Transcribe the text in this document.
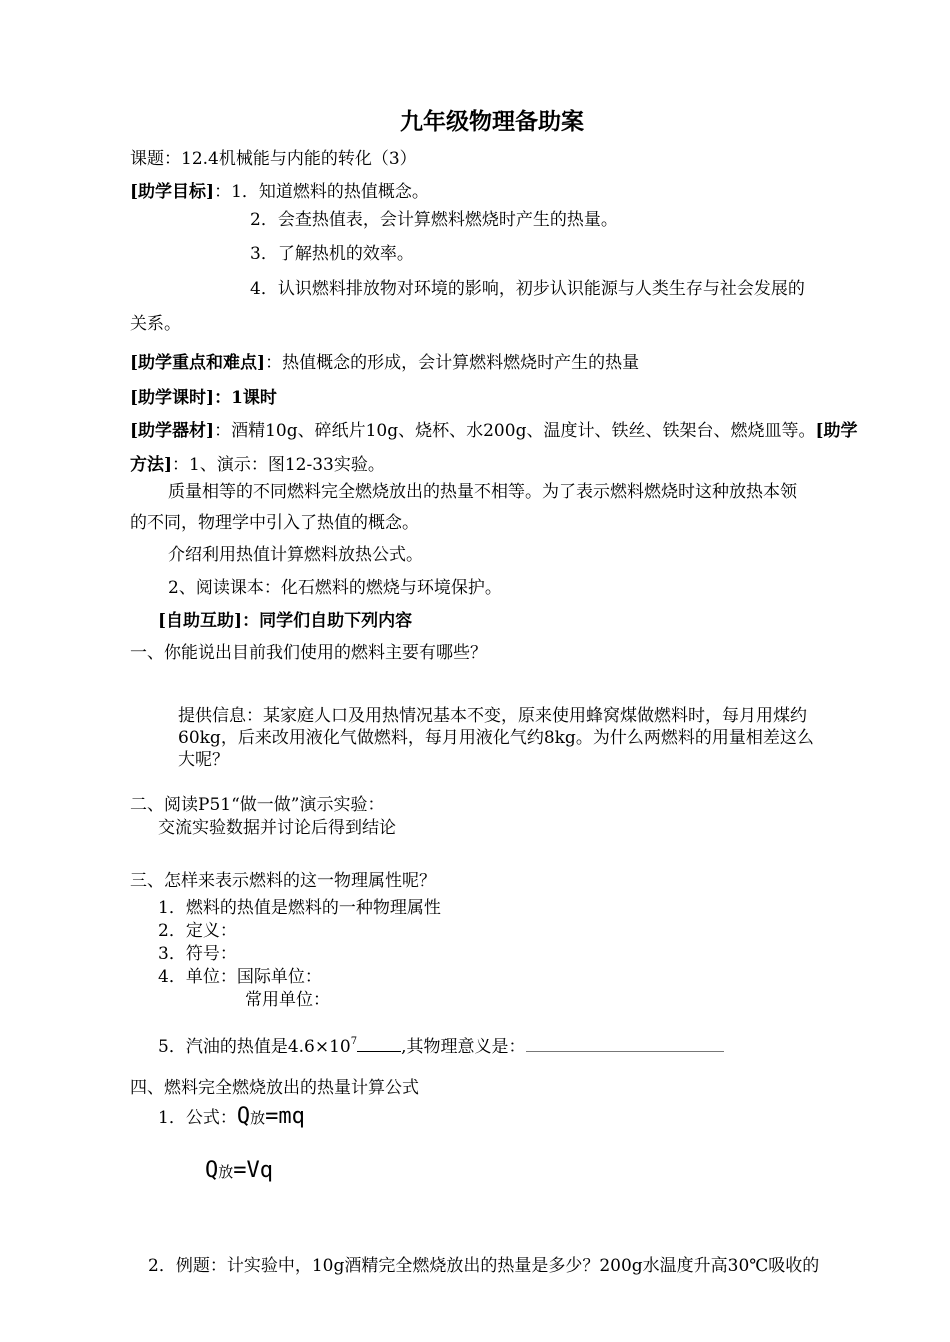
九年级物理备助案
课题：12.4机械能与内能的转化（3）
[助学目标]：1．知道燃料的热值概念。
2．会查热值表，会计算燃料燃烧时产生的热量。
3．了解热机的效率。
4．认识燃料排放物对环境的影响，初步认识能源与人类生存与社会发展的
关系。
[助学重点和难点]：热值概念的形成，会计算燃料燃烧时产生的热量
[助学课时]：1课时
[助学器材]：酒精10g、碎纸片10g、烧杯、水200g、温度计、铁丝、铁架台、燃烧皿等。[助学
方法]：1、演示：图12-33实验。
质量相等的不同燃料完全燃烧放出的热量不相等。为了表示燃料燃烧时这种放热本领
的不同，物理学中引入了热值的概念。
介绍利用热值计算燃料放热公式。
2、阅读课本：化石燃料的燃烧与环境保护。
[自助互助]：同学们自助下列内容
一、你能说出目前我们使用的燃料主要有哪些？
提供信息：某家庭人口及用热情况基本不变，原来使用蜂窝煤做燃料时，每月用煤约
60kg，后来改用液化气做燃料，每月用液化气约8kg。为什么两燃料的用量相差这么
大呢？
二、阅读P51“做一做”演示实验：
交流实验数据并讨论后得到结论
三、怎样来表示燃料的这一物理属性呢？
1．燃料的热值是燃料的一种物理属性
2．定义：
3．符号：
4．单位：国际单位：
常用单位：
5．汽油的热值是$4.6\times 10^7$	,其物理意义是：
四、燃料完全燃烧放出的热量计算公式
1．公式：Q放=mq
Q放=Vq
2．例题：计实验中，10g酒精完全燃烧放出的热量是多少？200g水温度升高30℃吸收的
